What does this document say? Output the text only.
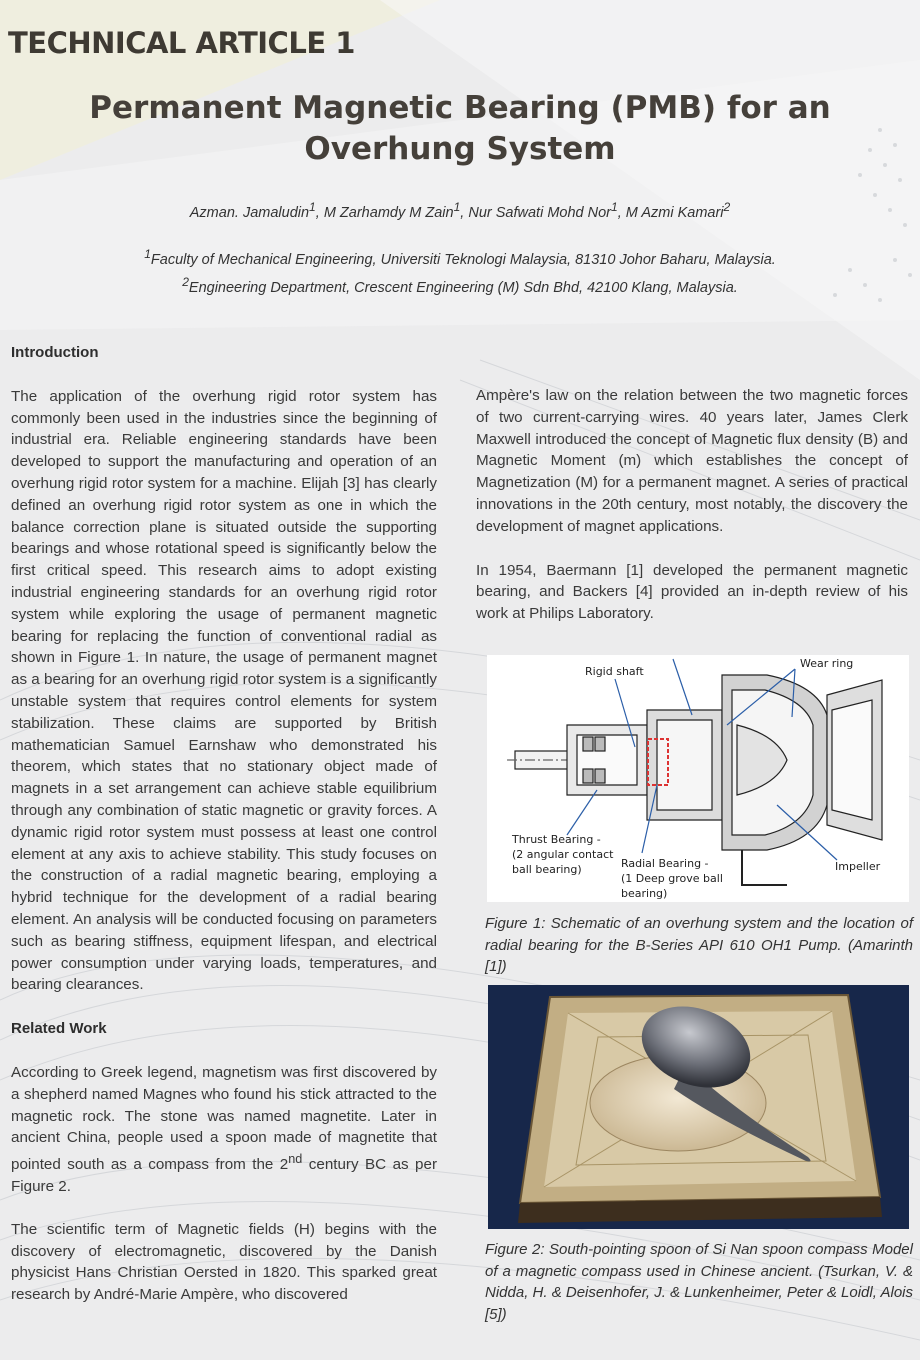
TECHNICAL ARTICLE 1
Permanent Magnetic Bearing (PMB) for an Overhung System

Azman. Jamaludin$^1$, M Zarhamdy M Zain$^1$, Nur Safwati Mohd Nor$^1$, M Azmi Kamari$^2$

$^1$Faculty of Mechanical Engineering, Universiti Teknologi Malaysia, 81310 Johor Baharu, Malaysia.
$^2$Engineering Department, Crescent Engineering (M) Sdn Bhd, 42100 Klang, Malaysia.

Introduction

The application of the overhung rigid rotor system has commonly been used in the industries since the beginning of industrial era. Reliable engineering standards have been developed to support the manufacturing and operation of an overhung rigid rotor system for a machine. Elijah [3] has clearly defined an overhung rigid rotor system as one in which the balance correction plane is situated outside the supporting bearings and whose rotational speed is significantly below the first critical speed. This research aims to adopt existing industrial engineering standards for an overhung rigid rotor system while exploring the usage of permanent magnetic bearing for replacing the function of conventional radial as shown in Figure 1. In nature, the usage of permanent magnet as a bearing for an overhung rigid rotor system is a significantly unstable system that requires control elements for system stabilization. These claims are supported by British mathematician Samuel Earnshaw who demonstrated his theorem, which states that no stationary object made of magnets in a set arrangement can achieve stable equilibrium through any combination of static magnetic or gravity forces. A dynamic rigid rotor system must possess at least one control element at any axis to achieve stability. This study focuses on the construction of a radial magnetic bearing, employing a hybrid technique for the development of a radial bearing element. An analysis will be conducted focusing on parameters such as bearing stiffness, equipment lifespan, and electrical power consumption under varying loads, temperatures, and bearing clearances.

Related Work

According to Greek legend, magnetism was first discovered by a shepherd named Magnes who found his stick attracted to the magnetic rock. The stone was named magnetite. Later in ancient China, people used a spoon made of magnetite that pointed south as a compass from the 2nd century BC as per Figure 2.

The scientific term of Magnetic fields (H) begins with the discovery of electromagnetic, discovered by the Danish physicist Hans Christian Oersted in 1820. This sparked great research by André-Marie Ampère, who discovered

Ampère's law on the relation between the two magnetic forces of two current-carrying wires. 40 years later, James Clerk Maxwell introduced the concept of Magnetic flux density (B) and Magnetic Moment (m) which establishes the concept of Magnetization (M) for a permanent magnet. A series of practical innovations in the 20th century, most notably, the discovery the development of magnet applications.

In 1954, Baermann [1] developed the permanent magnetic bearing, and Backers [4] provided an in-depth review of his work at Philips Laboratory.

Rigid shaft
Wear ring
Thrust Bearing -
(2 angular contact
ball bearing)	Radial Bearing -
(1 Deep grove ball
bearing)
Impeller

Figure 1: Schematic of an overhung system and the location of radial bearing for the B-Series API 610 OH1 Pump. (Amarinth [1])

Figure 2: South-pointing spoon of Si Nan spoon compass Model of a magnetic compass used in Chinese ancient. (Tsurkan, V. & Nidda, H. & Deisenhofer, J. & Lunkenheimer, Peter & Loidl, Alois [5])
